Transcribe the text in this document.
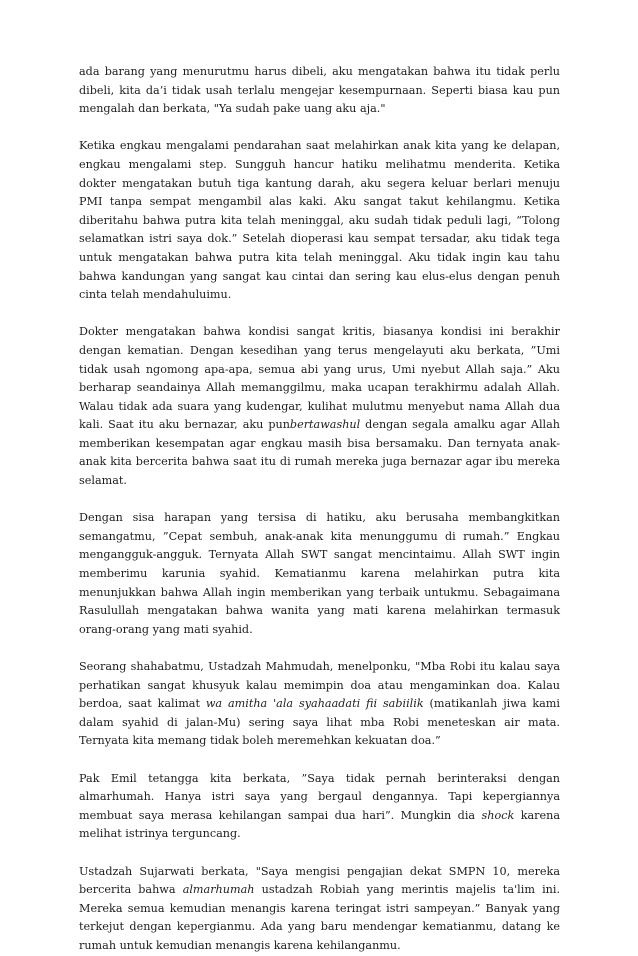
ada barang yang menurutmu harus dibeli, aku mengatakan bahwa itu tidak perlu dibeli, kita da’i tidak usah terlalu mengejar kesempurnaan. Seperti biasa kau pun mengalah dan berkata, "Ya sudah pake uang aku aja."

Ketika engkau mengalami pendarahan saat melahirkan anak kita yang ke delapan, engkau mengalami step. Sungguh hancur hatiku melihatmu menderita. Ketika dokter mengatakan butuh tiga kantung darah, aku segera keluar berlari menuju PMI tanpa sempat mengambil alas kaki. Aku sangat takut kehilangmu. Ketika diberitahu bahwa putra kita telah meninggal, aku sudah tidak peduli lagi, “Tolong selamatkan istri saya dok.” Setelah dioperasi kau sempat tersadar, aku tidak tega untuk mengatakan bahwa putra kita telah meninggal. Aku tidak ingin kau tahu bahwa kandungan yang sangat kau cintai dan sering kau elus-elus dengan penuh cinta telah mendahuluimu.

Dokter mengatakan bahwa kondisi sangat kritis, biasanya kondisi ini berakhir dengan kematian. Dengan kesedihan yang terus mengelayuti aku berkata, ”Umi tidak usah ngomong apa-apa, semua abi yang urus, Umi nyebut Allah saja.” Aku berharap seandainya Allah memanggilmu, maka ucapan terakhirmu adalah Allah. Walau tidak ada suara yang kudengar, kulihat mulutmu menyebut nama Allah dua kali. Saat itu aku bernazar, aku punbertawashul dengan segala amalku agar Allah memberikan kesempatan agar engkau masih bisa bersamaku. Dan ternyata anak-anak kita bercerita bahwa saat itu di rumah mereka juga bernazar agar ibu mereka selamat.

Dengan sisa harapan yang tersisa di hatiku, aku berusaha membangkitkan semangatmu, ”Cepat sembuh, anak-anak kita menunggumu di rumah.” Engkau mengangguk-angguk. Ternyata Allah SWT sangat mencintaimu. Allah SWT ingin memberimu karunia syahid. Kematianmu karena melahirkan putra kita menunjukkan bahwa Allah ingin memberikan yang terbaik untukmu. Sebagaimana Rasulullah mengatakan bahwa wanita yang mati karena melahirkan termasuk orang-orang yang mati syahid.

Seorang shahabatmu, Ustadzah Mahmudah, menelponku, "Mba Robi itu kalau saya perhatikan sangat khusyuk kalau memimpin doa atau mengaminkan doa. Kalau berdoa, saat kalimat wa amitha 'ala syahaadati fii sabiilik (matikanlah jiwa kami dalam syahid di jalan-Mu) sering saya lihat mba Robi meneteskan air mata. Ternyata kita memang tidak boleh meremehkan kekuatan doa.”

Pak Emil tetangga kita berkata, ”Saya tidak pernah berinteraksi dengan almarhumah. Hanya istri saya yang bergaul dengannya. Tapi kepergiannya membuat saya merasa kehilangan sampai dua hari”. Mungkin dia shock karena melihat istrinya terguncang.

Ustadzah Sujarwati berkata, "Saya mengisi pengajian dekat SMPN 10, mereka bercerita bahwa almarhumah ustadzah Robiah yang merintis majelis ta'lim ini. Mereka semua kemudian menangis karena teringat istri sampeyan.” Banyak yang terkejut dengan kepergianmu. Ada yang baru mendengar kematianmu, datang ke rumah untuk kemudian menangis karena kehilanganmu.
